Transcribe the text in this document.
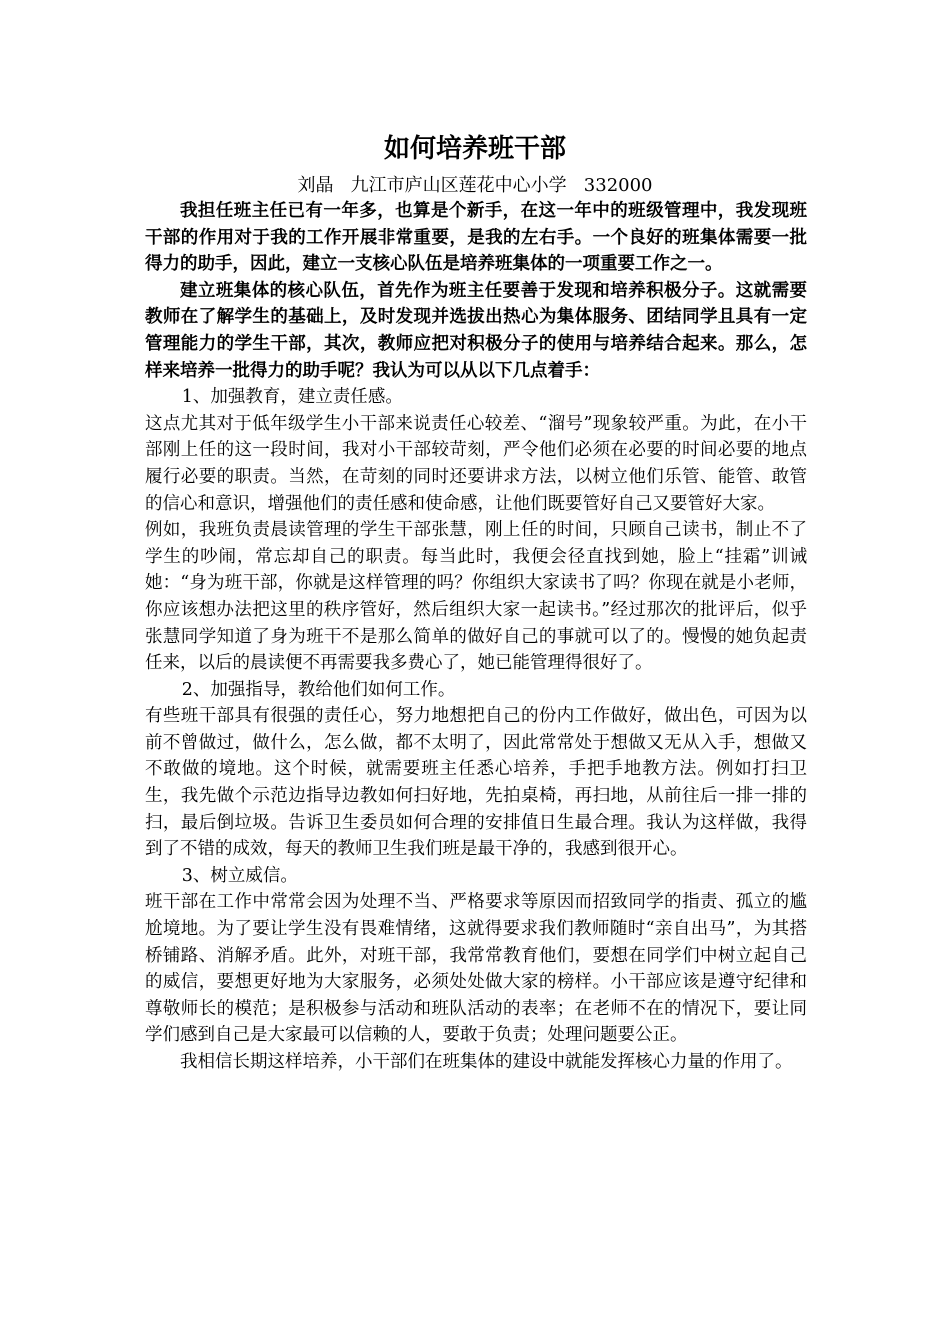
如何培养班干部
刘晶   九江市庐山区莲花中心小学   332000

我担任班主任已有一年多，也算是个新手，在这一年中的班级管理中，我发现班干部的作用对于我的工作开展非常重要，是我的左右手。一个良好的班集体需要一批得力的助手，因此，建立一支核心队伍是培养班集体的一项重要工作之一。

建立班集体的核心队伍，首先作为班主任要善于发现和培养积极分子。这就需要教师在了解学生的基础上，及时发现并选拔出热心为集体服务、团结同学且具有一定管理能力的学生干部，其次，教师应把对积极分子的使用与培养结合起来。那么，怎样来培养一批得力的助手呢？我认为可以从以下几点着手：

1、加强教育，建立责任感。

这点尤其对于低年级学生小干部来说责任心较差、“溜号”现象较严重。为此，在小干部刚上任的这一段时间，我对小干部较苛刻，严令他们必须在必要的时间必要的地点履行必要的职责。当然，在苛刻的同时还要讲求方法，以树立他们乐管、能管、敢管的信心和意识，增强他们的责任感和使命感，让他们既要管好自己又要管好大家。

例如，我班负责晨读管理的学生干部张慧，刚上任的时间，只顾自己读书，制止不了学生的吵闹，常忘却自己的职责。每当此时，我便会径直找到她，脸上“挂霜”训诫她：“身为班干部，你就是这样管理的吗？你组织大家读书了吗？你现在就是小老师，你应该想办法把这里的秩序管好，然后组织大家一起读书。”经过那次的批评后，似乎张慧同学知道了身为班干不是那么简单的做好自己的事就可以了的。慢慢的她负起责任来，以后的晨读便不再需要我多费心了，她已能管理得很好了。

2、加强指导，教给他们如何工作。

有些班干部具有很强的责任心，努力地想把自己的份内工作做好，做出色，可因为以前不曾做过，做什么，怎么做，都不太明了，因此常常处于想做又无从入手，想做又不敢做的境地。这个时候，就需要班主任悉心培养，手把手地教方法。例如打扫卫生，我先做个示范边指导边教如何扫好地，先拍桌椅，再扫地，从前往后一排一排的扫，最后倒垃圾。告诉卫生委员如何合理的安排值日生最合理。我认为这样做，我得到了不错的成效，每天的教师卫生我们班是最干净的，我感到很开心。

3、树立威信。

班干部在工作中常常会因为处理不当、严格要求等原因而招致同学的指责、孤立的尴尬境地。为了要让学生没有畏难情绪，这就得要求我们教师随时“亲自出马”，为其搭桥铺路、消解矛盾。此外，对班干部，我常常教育他们，要想在同学们中树立起自己的威信，要想更好地为大家服务，必须处处做大家的榜样。小干部应该是遵守纪律和尊敬师长的模范；是积极参与活动和班队活动的表率；在老师不在的情况下，要让同学们感到自己是大家最可以信赖的人，要敢于负责；处理问题要公正。

我相信长期这样培养，小干部们在班集体的建设中就能发挥核心力量的作用了。
